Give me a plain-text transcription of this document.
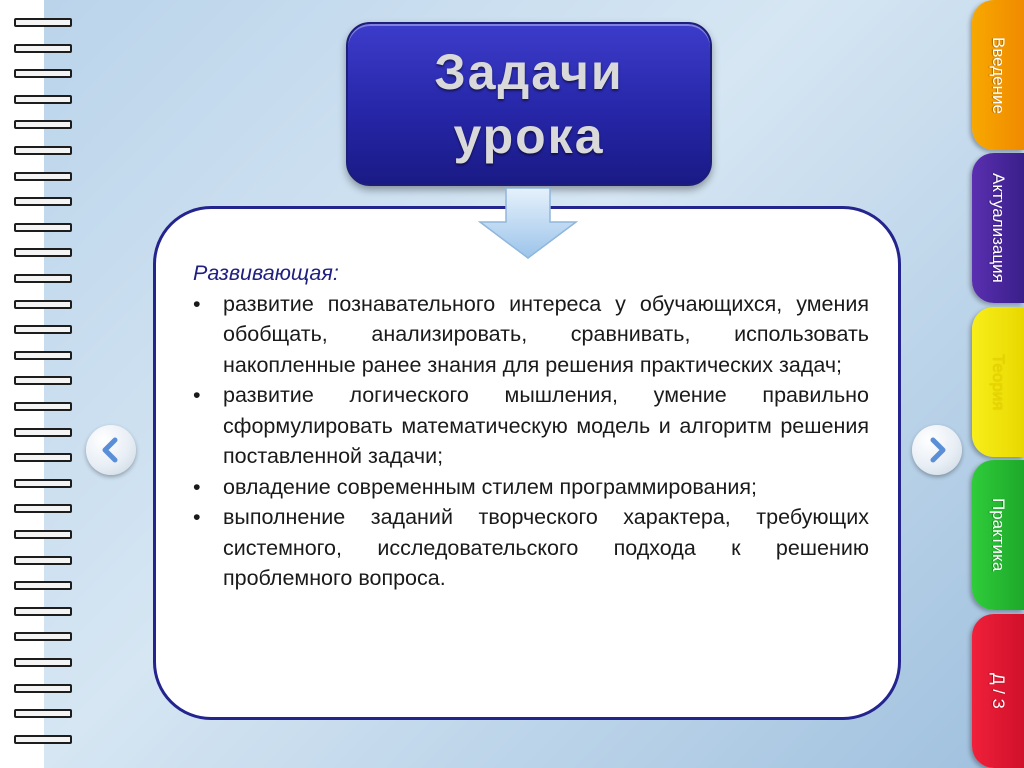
Задачи
урока
Развивающая:
• развитие познавательного интереса у обучающихся, умения обобщать, анализировать, сравнивать, использовать накопленные ранее знания для решения практических задач;
• развитие логического мышления, умение правильно сформулировать математическую модель и алгоритм решения поставленной задачи;
• овладение современным стилем программирования;
• выполнение заданий творческого характера, требующих системного, исследовательского подхода к решению проблемного вопроса.
Введение
Актуализация
Теория
Практика
Д / З
